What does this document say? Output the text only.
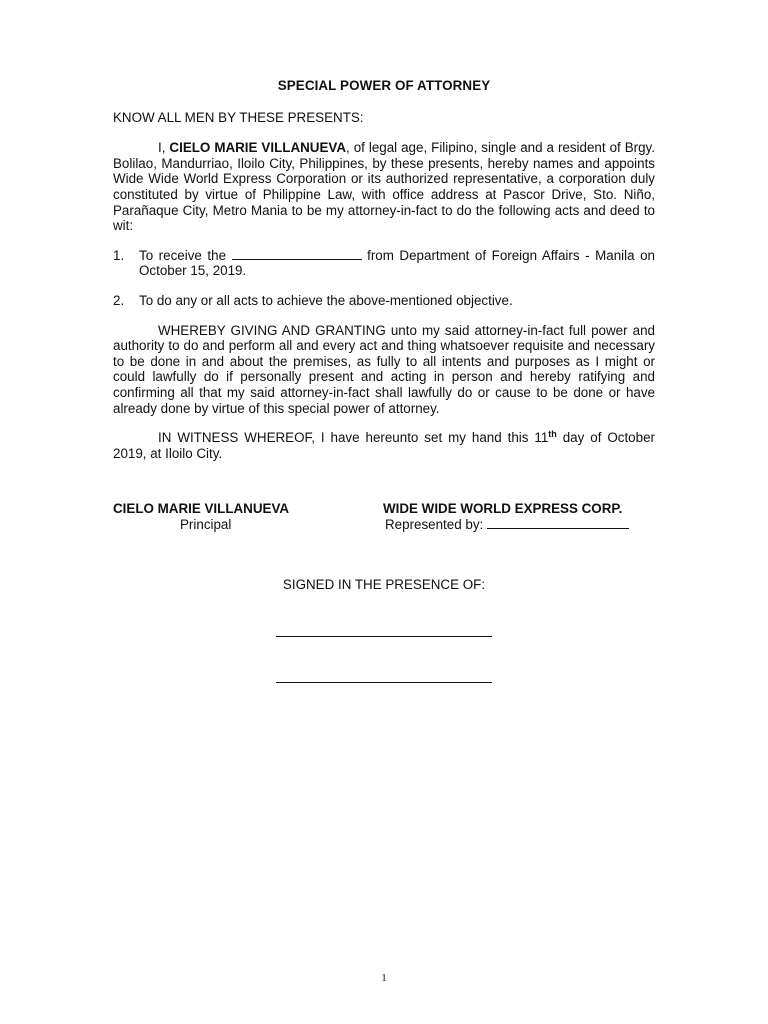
SPECIAL POWER OF ATTORNEY
KNOW ALL MEN BY THESE PRESENTS:

I, CIELO MARIE VILLANUEVA, of legal age, Filipino, single and a resident of Brgy. Bolilao, Mandurriao, Iloilo City, Philippines, by these presents, hereby names and appoints Wide Wide World Express Corporation or its authorized representative, a corporation duly constituted by virtue of Philippine Law, with office address at Pascor Drive, Sto. Niño, Parañaque City, Metro Mania to be my attorney-in-fact to do the following acts and deed to wit:

1. To receive the	from Department of Foreign Affairs - Manila on October 15, 2019.
2. To do any or all acts to achieve the above-mentioned objective.

WHEREBY GIVING AND GRANTING unto my said attorney-in-fact full power and authority to do and perform all and every act and thing whatsoever requisite and necessary to be done in and about the premises, as fully to all intents and purposes as I might or could lawfully do if personally present and acting in person and hereby ratifying and confirming all that my said attorney-in-fact shall lawfully do or cause to be done or have already done by virtue of this special power of attorney.

IN WITNESS WHEREOF, I have hereunto set my hand this 11th day of October 2019, at Iloilo City.

CIELO MARIE VILLANUEVA
Principal
WIDE WIDE WORLD EXPRESS CORP.
Represented by:
SIGNED IN THE PRESENCE OF:
1
